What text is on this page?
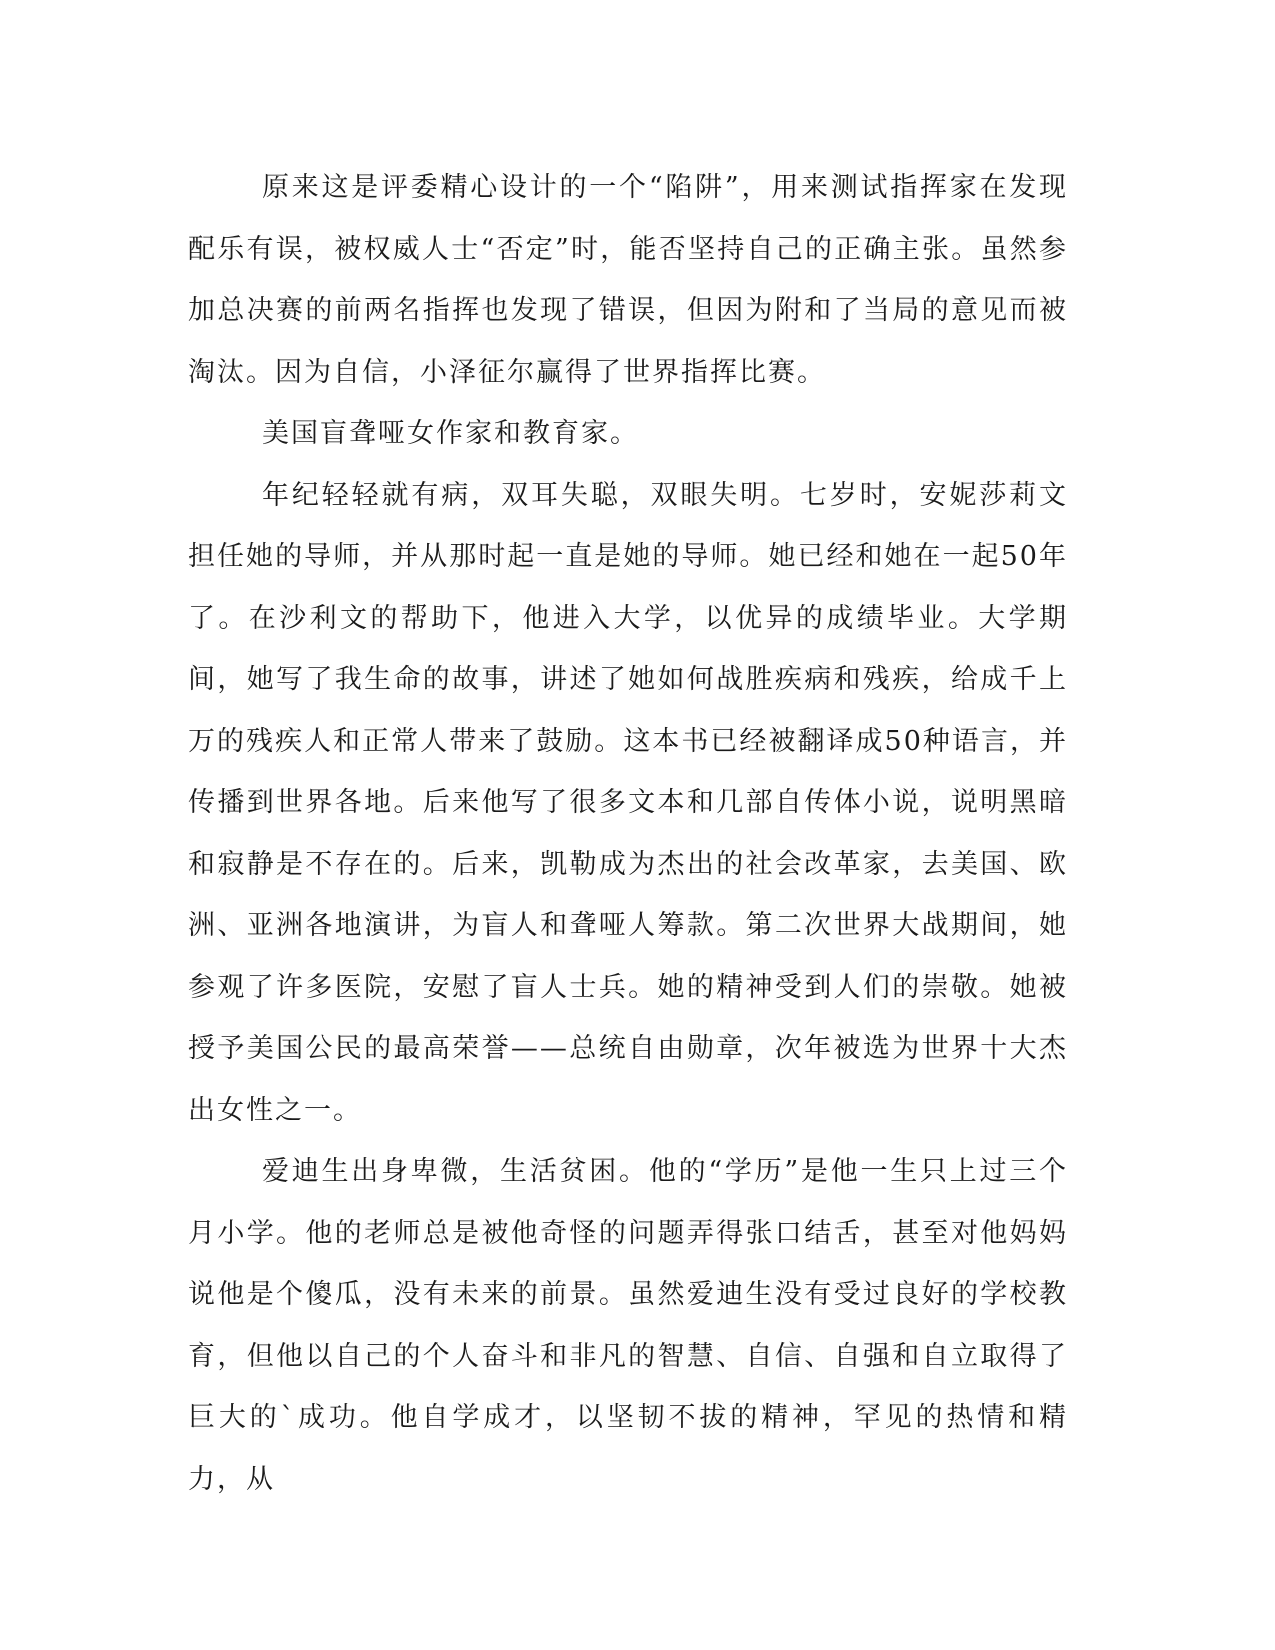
原来这是评委精心设计的一个“陷阱”，用来测试指挥家在发现配乐有误，被权威人士“否定”时，能否坚持自己的正确主张。虽然参加总决赛的前两名指挥也发现了错误，但因为附和了当局的意见而被淘汰。因为自信，小泽征尔赢得了世界指挥比赛。

美国盲聋哑女作家和教育家。

年纪轻轻就有病，双耳失聪，双眼失明。七岁时，安妮莎莉文担任她的导师，并从那时起一直是她的导师。她已经和她在一起50年了。在沙利文的帮助下，他进入大学，以优异的成绩毕业。大学期间，她写了我生命的故事，讲述了她如何战胜疾病和残疾，给成千上万的残疾人和正常人带来了鼓励。这本书已经被翻译成50种语言，并传播到世界各地。后来他写了很多文本和几部自传体小说，说明黑暗和寂静是不存在的。后来，凯勒成为杰出的社会改革家，去美国、欧洲、亚洲各地演讲，为盲人和聋哑人筹款。第二次世界大战期间，她参观了许多医院，安慰了盲人士兵。她的精神受到人们的崇敬。她被授予美国公民的最高荣誉——总统自由勋章，次年被选为世界十大杰出女性之一。

爱迪生出身卑微，生活贫困。他的“学历”是他一生只上过三个月小学。他的老师总是被他奇怪的问题弄得张口结舌，甚至对他妈妈说他是个傻瓜，没有未来的前景。虽然爱迪生没有受过良好的学校教育，但他以自己的个人奋斗和非凡的智慧、自信、自强和自立取得了巨大的`成功。他自学成才，以坚韧不拔的精神，罕见的热情和精力，从
